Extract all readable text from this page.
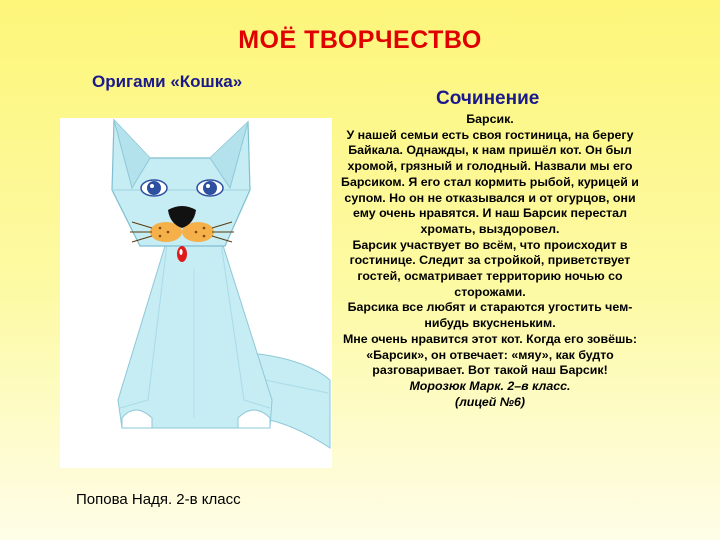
МОЁ ТВОРЧЕСТВО
Оригами «Кошка»
Попова Надя. 2-в класс
Сочинение

Барсик.

У нашей семьи есть своя гостиница, на берегу Байкала. Однажды, к нам пришёл кот. Он был хромой, грязный и голодный. Назвали мы его Барсиком. Я его стал кормить рыбой, курицей и супом. Но он не отказывался и от огурцов, они ему очень нравятся. И наш Барсик перестал хромать, выздоровел.

Барсик участвует во всём, что происходит в гостинице. Следит за стройкой, приветствует гостей, осматривает территорию ночью со сторожами.

Барсика все любят и стараются угостить чем-нибудь вкусненьким.

Мне очень нравится этот кот. Когда его зовёшь: «Барсик», он отвечает: «мяу», как будто разговаривает. Вот такой наш Барсик!

Морозюк Марк. 2–в класс.

(лицей №6)
